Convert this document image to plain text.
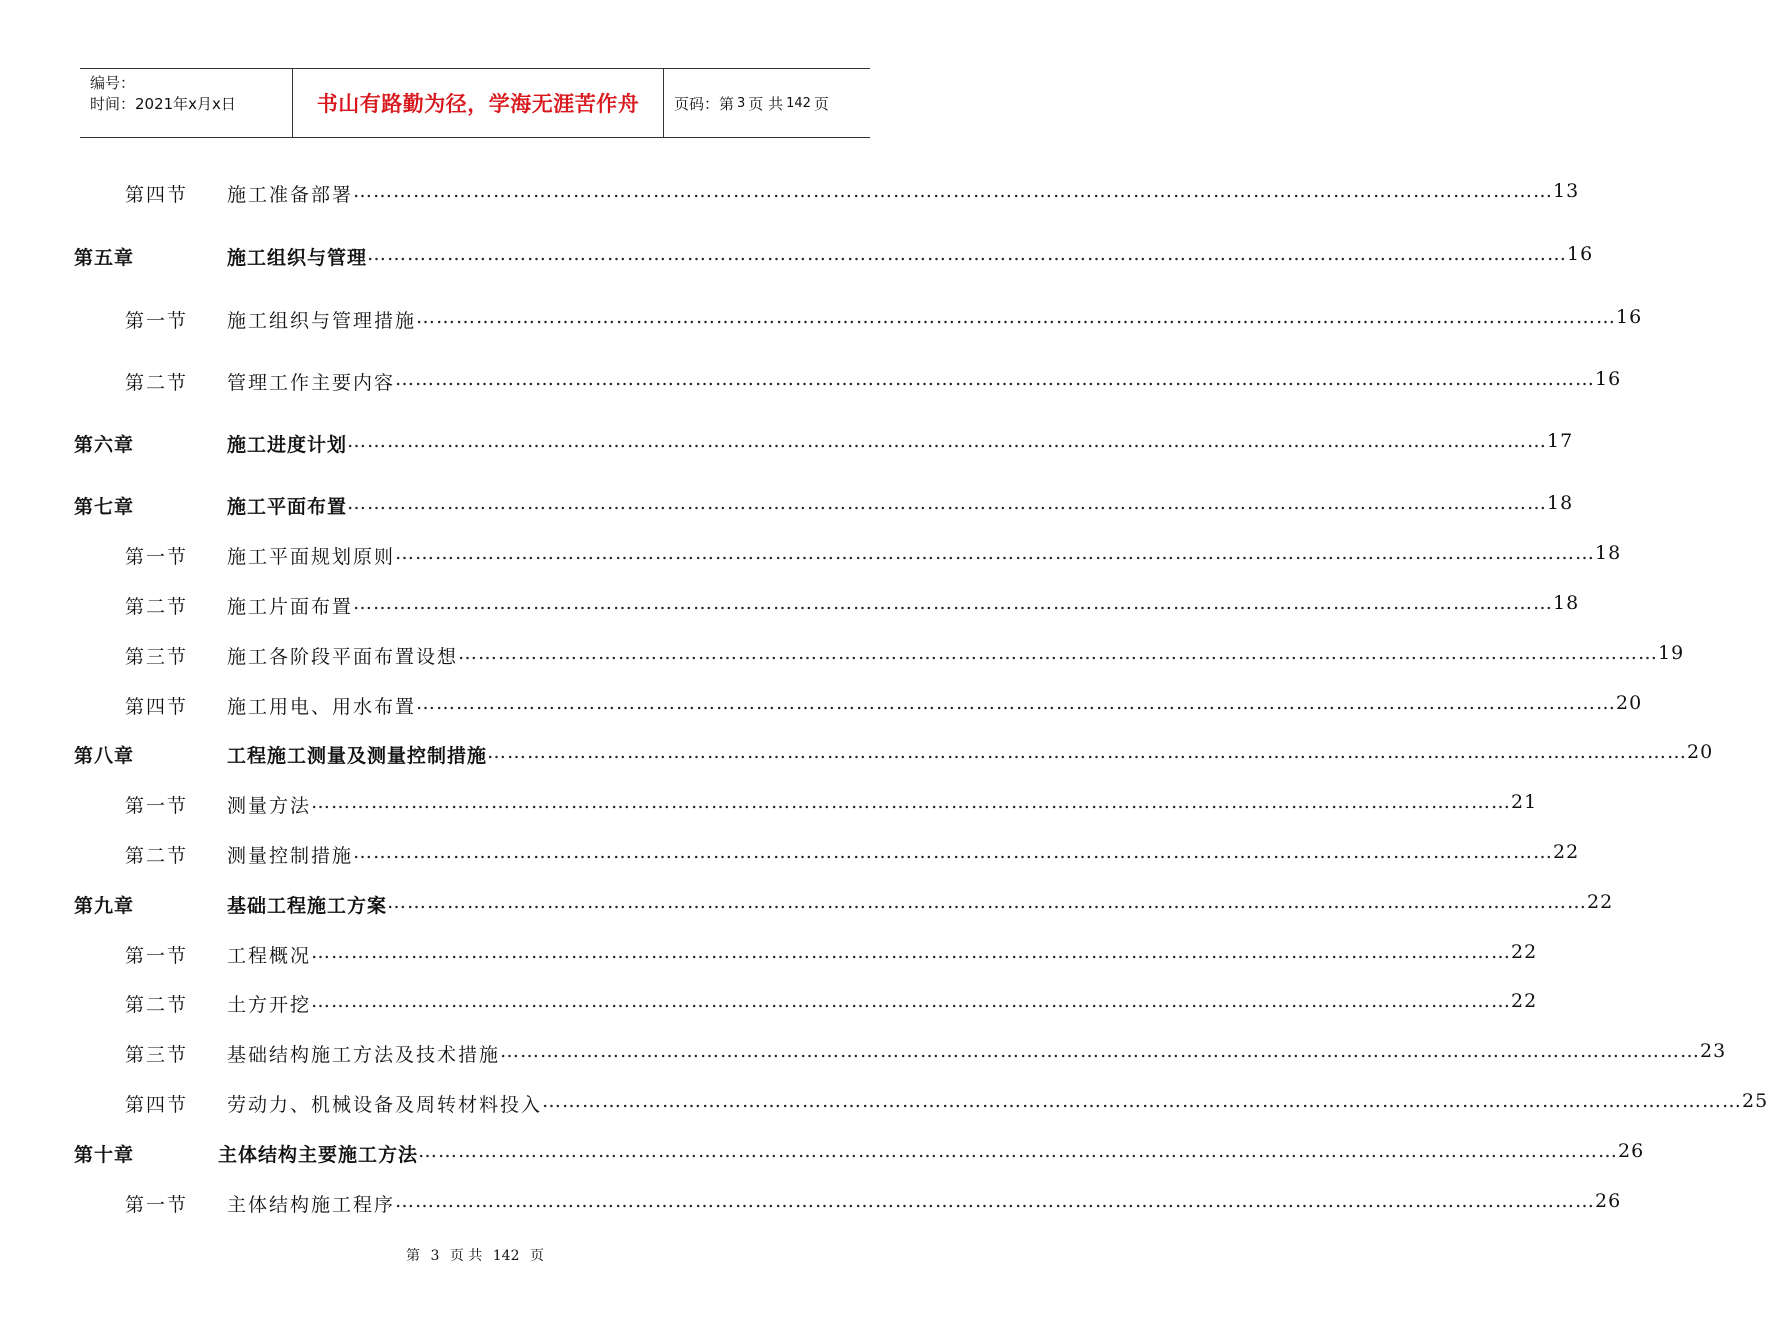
编号：
时间：2021年x月x日	书山有路勤为径，学海无涯苦作舟	页码：第 3 页 共 142 页
第四节 施工准备部署 ……………………………………………………………………………………………………………………………………………………………… 13
第五章	施工组织与管理 ……………………………………………………………………………………………………………………………………………………………… 16
第一节 施工组织与管理措施 ……………………………………………………………………………………………………………………………………………………………… 16
第二节 管理工作主要内容 ……………………………………………………………………………………………………………………………………………………………… 16
第六章	施工进度计划 ……………………………………………………………………………………………………………………………………………………………… 17
第七章	施工平面布置 ……………………………………………………………………………………………………………………………………………………………… 18
第一节 施工平面规划原则 ……………………………………………………………………………………………………………………………………………………………… 18
第二节 施工片面布置 ……………………………………………………………………………………………………………………………………………………………… 18
第三节 施工各阶段平面布置设想 ……………………………………………………………………………………………………………………………………………………………… 19
第四节 施工用电、用水布置 ……………………………………………………………………………………………………………………………………………………………… 20
第八章	工程施工测量及测量控制措施 ……………………………………………………………………………………………………………………………………………………………… 20
第一节 测量方法 ……………………………………………………………………………………………………………………………………………………………… 21
第二节 测量控制措施 ……………………………………………………………………………………………………………………………………………………………… 22
第九章	基础工程施工方案 ……………………………………………………………………………………………………………………………………………………………… 22
第一节 工程概况 ……………………………………………………………………………………………………………………………………………………………… 22
第二节 土方开挖 ……………………………………………………………………………………………………………………………………………………………… 22
第三节 基础结构施工方法及技术措施 ……………………………………………………………………………………………………………………………………………………………… 23
第四节 劳动力、机械设备及周转材料投入 ……………………………………………………………………………………………………………………………………………………………… 25
第十章	主体结构主要施工方法 ……………………………………………………………………………………………………………………………………………………………… 26
第一节 主体结构施工程序 ……………………………………………………………………………………………………………………………………………………………… 26
第 3 页 共 142 页
